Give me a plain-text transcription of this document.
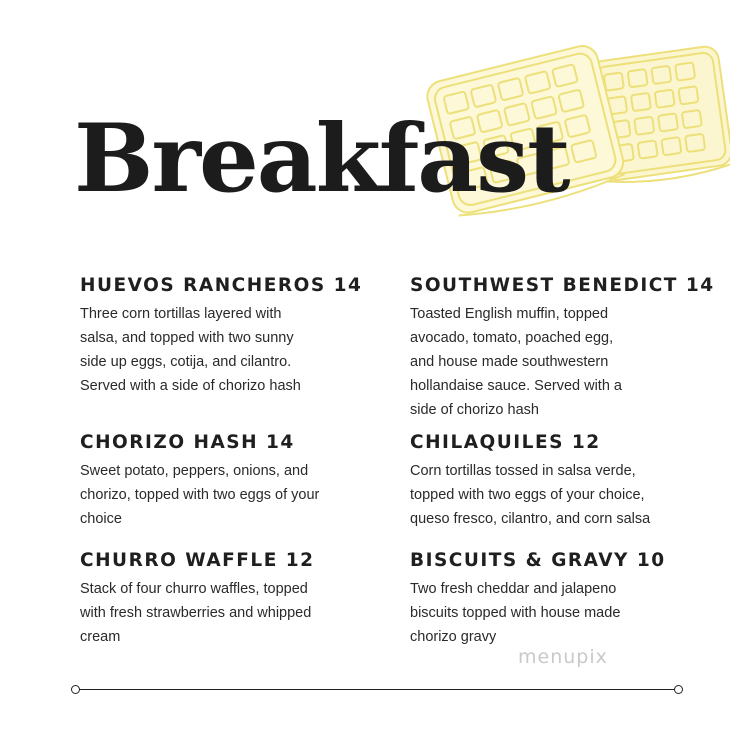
Breakfast
HUEVOS RANCHEROS 14

Three corn tortillas layered with
salsa, and topped with two sunny
side up eggs, cotija, and cilantro.
Served with a side of chorizo hash

SOUTHWEST BENEDICT 14

Toasted English muffin, topped
avocado, tomato, poached egg,
and house made southwestern
hollandaise sauce. Served with a
side of chorizo hash

CHORIZO HASH 14

Sweet potato, peppers, onions, and
chorizo, topped with two eggs of your
choice

CHILAQUILES 12

Corn tortillas tossed in salsa verde,
topped with two eggs of your choice,
queso fresco, cilantro, and corn salsa

CHURRO WAFFLE 12

Stack of four churro waffles, topped
with fresh strawberries and whipped
cream

BISCUITS & GRAVY 10

Two fresh cheddar and jalapeno
biscuits topped with house made
chorizo gravy

menupix
